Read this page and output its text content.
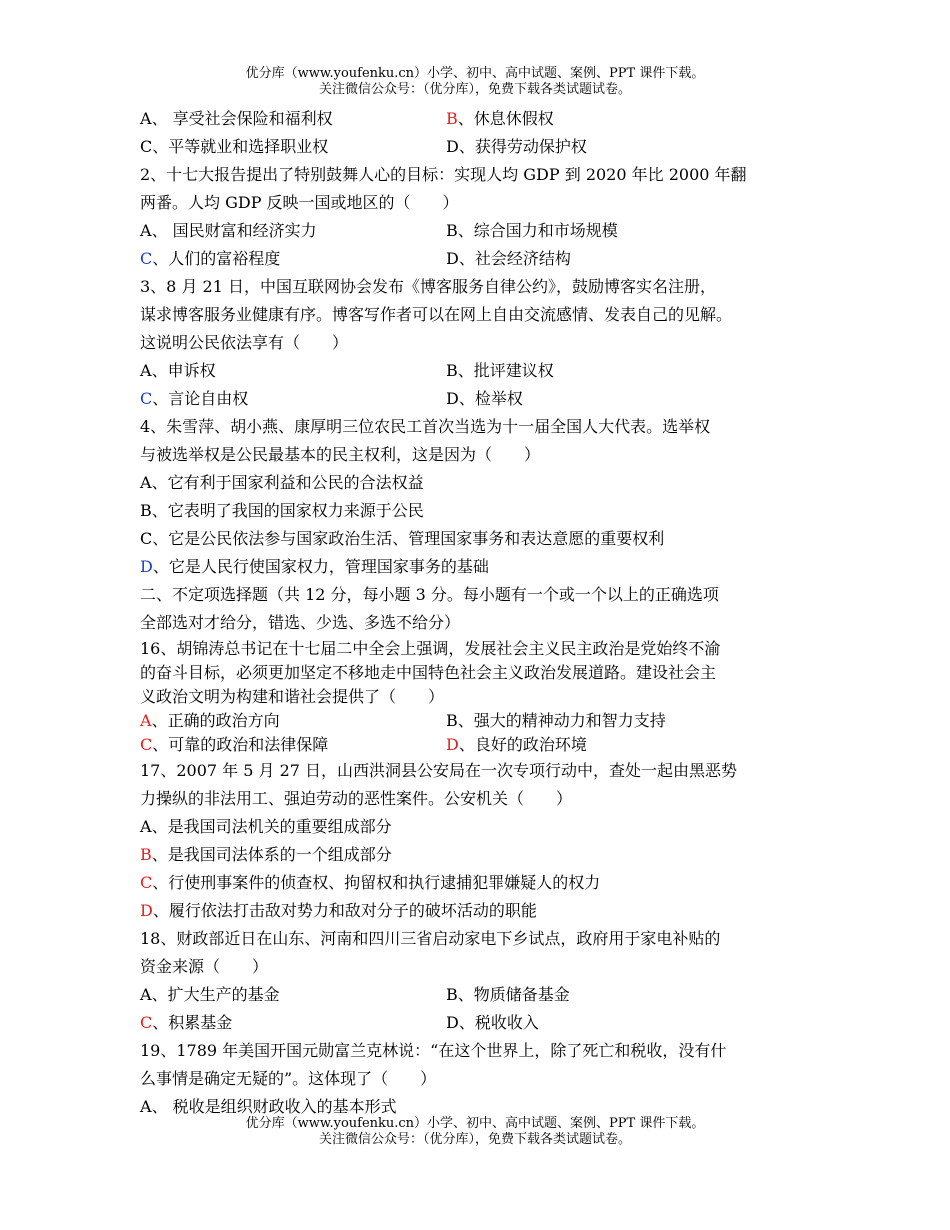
优分库（www.youfenku.cn）小学、初中、高中试题、案例、PPT 课件下载。
关注微信公众号：（优分库），免费下载各类试题试卷。
A、 享受社会保险和福利权	B、休息休假权
C、平等就业和选择职业权	D、获得劳动保护权
2、十七大报告提出了特别鼓舞人心的目标：实现人均 GDP 到 2020 年比 2000 年翻
两番。人均 GDP 反映一国或地区的（　　）
A、 国民财富和经济实力	B、综合国力和市场规模
C、人们的富裕程度	D、社会经济结构
3、8 月 21 日，中国互联网协会发布《博客服务自律公约》，鼓励博客实名注册，
谋求博客服务业健康有序。博客写作者可以在网上自由交流感情、发表自己的见解。
这说明公民依法享有（　　）
A、申诉权	B、批评建议权
C、言论自由权	D、检举权
4、朱雪萍、胡小燕、康厚明三位农民工首次当选为十一届全国人大代表。选举权
与被选举权是公民最基本的民主权利，这是因为（　　）
A、它有利于国家利益和公民的合法权益
B、它表明了我国的国家权力来源于公民
C、它是公民依法参与国家政治生活、管理国家事务和表达意愿的重要权利
D、它是人民行使国家权力，管理国家事务的基础
二、不定项选择题（共 12 分，每小题 3 分。每小题有一个或一个以上的正确选项
全部选对才给分，错选、少选、多选不给分）
16、胡锦涛总书记在十七届二中全会上强调，发展社会主义民主政治是党始终不渝
的奋斗目标，必须更加坚定不移地走中国特色社会主义政治发展道路。建设社会主
义政治文明为构建和谐社会提供了（　　）
A、正确的政治方向	B、强大的精神动力和智力支持
C、可靠的政治和法律保障	D、良好的政治环境
17、2007 年 5 月 27 日，山西洪洞县公安局在一次专项行动中，查处一起由黑恶势
力操纵的非法用工、强迫劳动的恶性案件。公安机关（　　）
A、是我国司法机关的重要组成部分
B、是我国司法体系的一个组成部分
C、行使刑事案件的侦查权、拘留权和执行逮捕犯罪嫌疑人的权力
D、履行依法打击敌对势力和敌对分子的破坏活动的职能
18、财政部近日在山东、河南和四川三省启动家电下乡试点，政府用于家电补贴的
资金来源（　　）
A、扩大生产的基金	B、物质储备基金
C、积累基金	D、税收收入
19、1789 年美国开国元勋富兰克林说：“在这个世界上，除了死亡和税收，没有什
么事情是确定无疑的”。这体现了（　　）
A、 税收是组织财政收入的基本形式
优分库（www.youfenku.cn）小学、初中、高中试题、案例、PPT 课件下载。
关注微信公众号：（优分库），免费下载各类试题试卷。
